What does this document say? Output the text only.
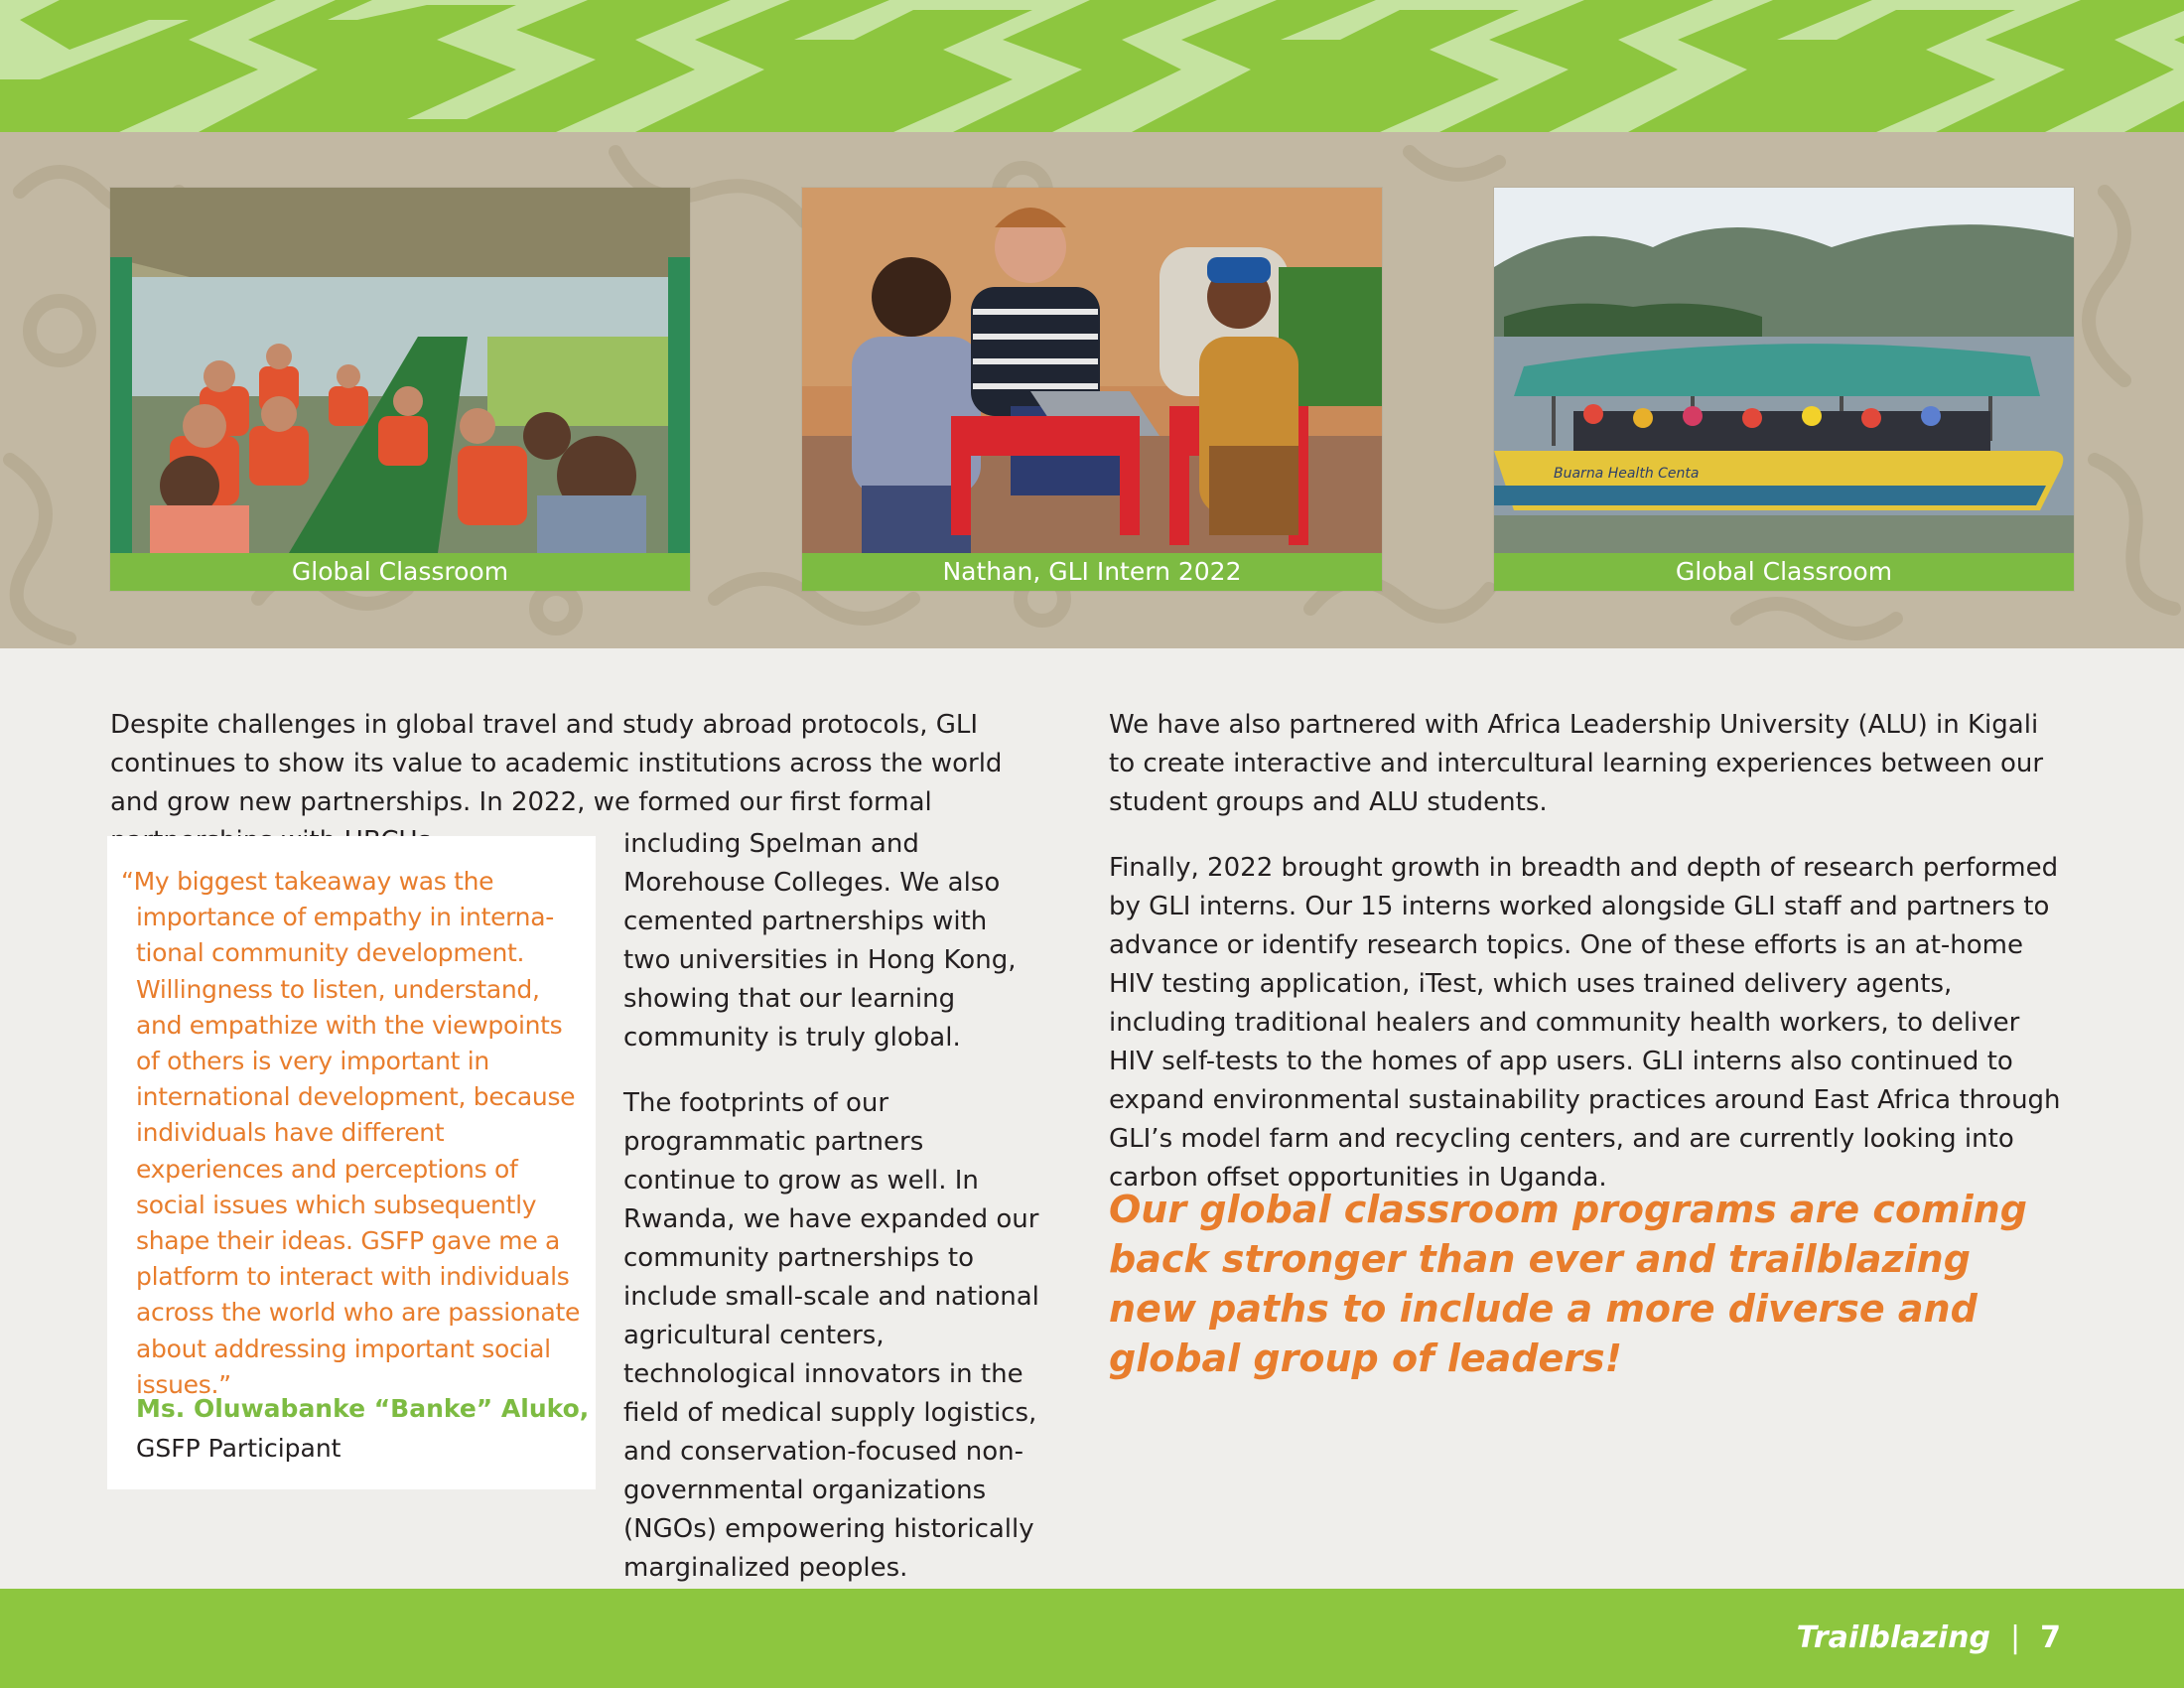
Global Classroom	Nathan, GLI Intern 2022
Buarna Health Centa
Global Classroom

Despite challenges in global travel and study abroad protocols, GLI continues to show its value to academic institutions across the world and grow new partnerships. In 2022, we formed our first formal

“My biggest takeaway was the importance of empathy in interna- tional community development. Willingness to listen, understand, and empathize with the viewpoints of others is very important in international development, because individuals have different experiences and perceptions of social issues which subsequently shape their ideas. GSFP gave me a platform to interact with individuals across the world who are passionate about addressing important social issues.”
Ms. Oluwabanke “Banke” Aluko,
GSFP Participant

including Spelman and Morehouse Colleges. We also cemented partnerships with two universities in Hong Kong, showing that our learning community is truly global.

The footprints of our programmatic partners continue to grow as well. In Rwanda, we have expanded our community partnerships to include small-scale and national agricultural centers, technological innovators in the field of medical supply logistics, and conservation-focused non-governmental organizations (NGOs) empowering historically marginalized peoples.

We have also partnered with Africa Leadership University (ALU) in Kigali to create interactive and intercultural learning experiences between our student groups and ALU students.

Finally, 2022 brought growth in breadth and depth of research performed by GLI interns. Our 15 interns worked alongside GLI staff and partners to advance or identify research topics. One of these efforts is an at-home HIV testing application, iTest, which uses trained delivery agents, including traditional healers and community health workers, to deliver HIV self-tests to the homes of app users. GLI interns also continued to expand environmental sustainability practices around East Africa through GLI’s model farm and recycling centers, and are currently looking into carbon offset opportunities in Uganda.

Our global classroom programs are coming back stronger than ever and trailblazing new paths to include a more diverse and global group of leaders!
Trailblazing | 7
